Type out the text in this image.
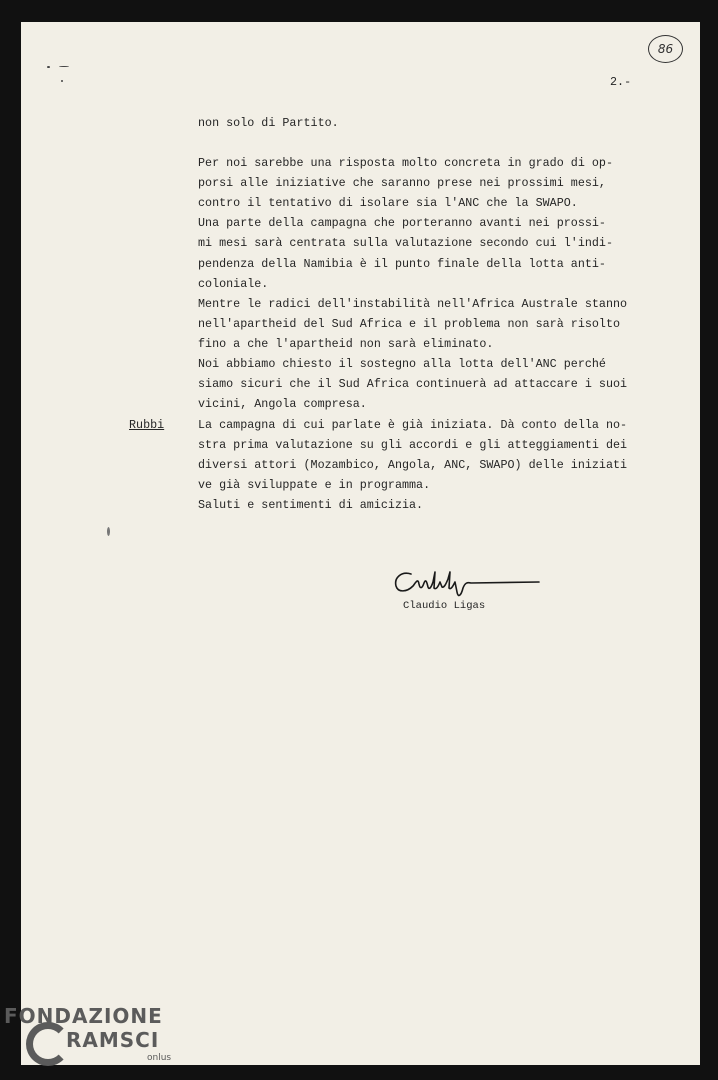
86
2.-
non solo di Partito.
Per noi sarebbe una risposta molto concreta in grado di op-
porsi alle iniziative che saranno prese nei prossimi mesi,
contro il tentativo di isolare sia l'ANC che la SWAPO.
Una parte della campagna che porteranno avanti nei prossi-
mi mesi sarà centrata sulla valutazione secondo cui l'indi-
pendenza della Namibia è il punto finale della lotta anti-
coloniale.
Mentre le radici dell'instabilità nell'Africa Australe stanno
nell'apartheid del Sud Africa e il problema non sarà risolto
fino a che l'apartheid non sarà eliminato.
Noi abbiamo chiesto il sostegno alla lotta dell'ANC perché
siamo sicuri che il Sud Africa continuerà ad attaccare i suoi
vicini, Angola compresa.
Rubbi	La campagna di cui parlate è già iniziata. Dà conto della no-
stra prima valutazione su gli accordi e gli atteggiamenti dei
diversi attori (Mozambico, Angola, ANC, SWAPO) delle iniziati
ve già sviluppate e in programma.
Saluti e sentimenti di amicizia.
Claudio Ligas
FONDAZIONE
RAMSCI
onlus
